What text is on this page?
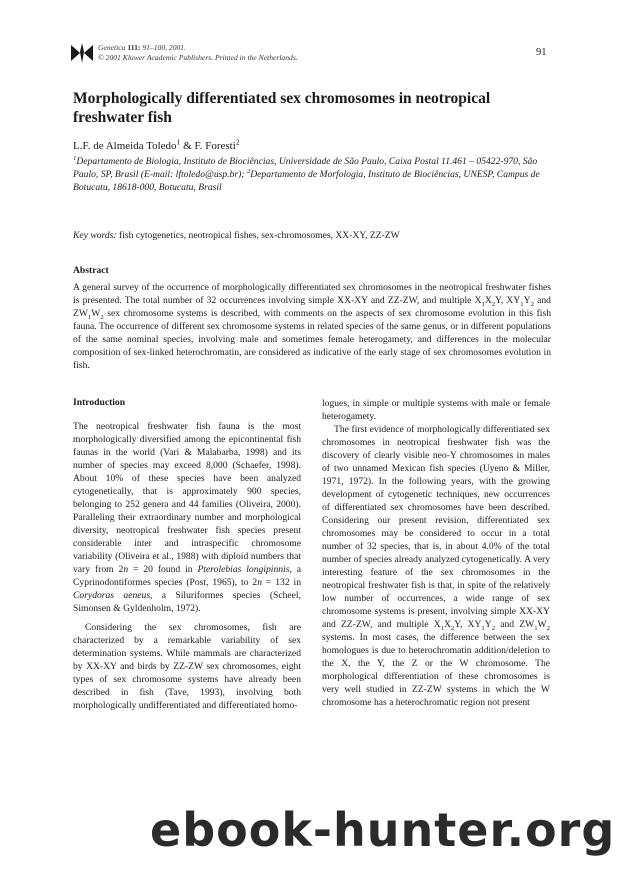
Genetica 111: 91–100, 2001.
© 2001 Kluwer Academic Publishers. Printed in the Netherlands.	91
Morphologically differentiated sex chromosomes in neotropical freshwater fish
L.F. de Almeida Toledo$^1$ & F. Foresti$^2$
$^1$Departamento de Biologia, Instituto de Biociências, Universidade de São Paulo, Caixa Postal 11.461 – 05422-970, São Paulo, SP, Brasil (E-mail: lftoledo@usp.br); $^2$Departamento de Morfologia, Instituto de Biociências, UNESP, Campus de Botucatu, 18618-000, Botucatu, Brasil
Key words: fish cytogenetics, neotropical fishes, sex-chromosomes, XX-XY, ZZ-ZW
Abstract

A general survey of the occurrence of morphologically differentiated sex chromosomes in the neotropical freshwater fishes is presented. The total number of 32 occurrences involving simple XX-XY and ZZ-ZW, and multiple $X_1X_2Y$, $XY_1Y_2$ and $ZW_1W_2$ sex chromosome systems is described, with comments on the aspects of sex chromosome evolution in this fish fauna. The occurrence of different sex chromosome systems in related species of the same genus, or in different populations of the same nominal species, involving male and sometimes female heterogamety, and differences in the molecular composition of sex-linked heterochromatin, are considered as indicative of the early stage of sex chromosomes evolution in fish.

Introduction

The neotropical freshwater fish fauna is the most morphologically diversified among the epicontinental fish faunas in the world (Vari & Malabarba, 1998) and its number of species may exceed 8,000 (Schaefer, 1998). About 10% of these species have been analyzed cytogenetically, that is approximately 900 species, belonging to 252 genera and 44 families (Oliveira, 2000). Paralleling their extraordinary number and morphological diversity, neotropical freshwater fish species present considerable inter and intraspecific chromosome variability (Oliveira et al., 1988) with diploid numbers that vary from 2n = 20 found in Pterolebias longipinnis, a Cyprinodontiformes species (Post, 1965), to 2n = 132 in Corydoras aeneus, a Siluriformes species (Scheel, Simonsen & Gyldenholm, 1972).

Considering the sex chromosomes, fish are characterized by a remarkable variability of sex determination systems. While mammals are characterized by XX-XY and birds by ZZ-ZW sex chromosomes, eight types of sex chromosome systems have already been described in fish (Tave, 1993), involving both morphologically undifferentiated and differentiated homo-

logues, in simple or multiple systems with male or female heterogamety.

The first evidence of morphologically differentiated sex chromosomes in neotropical freshwater fish was the discovery of clearly visible neo-Y chromosomes in males of two unnamed Mexican fish species (Uyeno & Miller, 1971, 1972). In the following years, with the growing development of cytogenetic techniques, new occurrences of differentiated sex chromosomes have been described. Considering our present revision, differentiated sex chromosomes may be considered to occur in a total number of 32 species, that is, in about 4.0% of the total number of species already analyzed cytogenetically. A very interesting feature of the sex chromosomes in the neotropical freshwater fish is that, in spite of the relatively low number of occurrences, a wide range of sex chromosome systems is present, involving simple XX-XY and ZZ-ZW, and multiple $X_1X_2Y$, $XY_1Y_2$ and $ZW_1W_2$ systems. In most cases, the difference between the sex homologues is due to heterochromatin addition/deletion to the X, the Y, the Z or the W chromosome. The morphological differentiation of these chromosomes is very well studied in ZZ-ZW systems in which the W chromosome has a heterochromatic region not present

ebook-hunter.org
